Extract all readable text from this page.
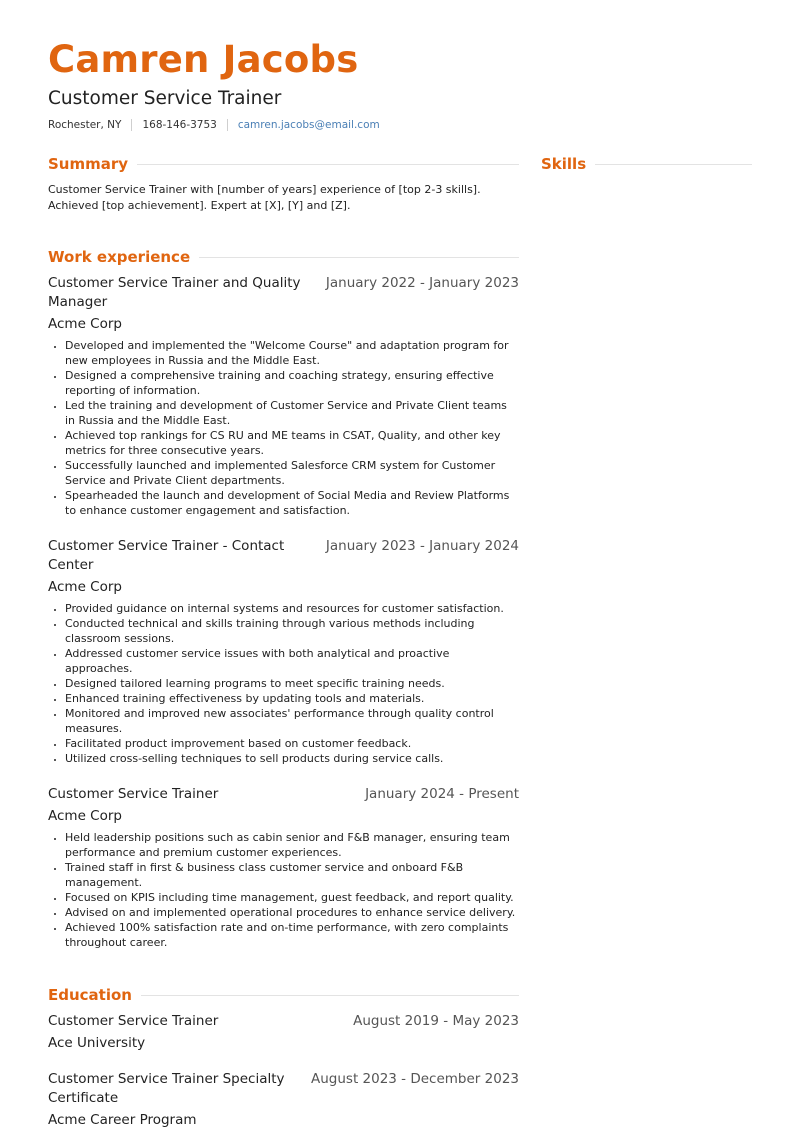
Camren Jacobs
Customer Service Trainer
Rochester, NY 168-146-3753 camren.jacobs@email.com
Summary
Customer Service Trainer with [number of years] experience of [top 2-3 skills]. Achieved [top achievement]. Expert at [X], [Y] and [Z].
Work experience
Customer Service Trainer and Quality Manager
January 2022 - January 2023
Acme Corp
• Developed and implemented the "Welcome Course" and adaptation program for new employees in Russia and the Middle East.
• Designed a comprehensive training and coaching strategy, ensuring effective reporting of information.
• Led the training and development of Customer Service and Private Client teams in Russia and the Middle East.
• Achieved top rankings for CS RU and ME teams in CSAT, Quality, and other key metrics for three consecutive years.
• Successfully launched and implemented Salesforce CRM system for Customer Service and Private Client departments.
• Spearheaded the launch and development of Social Media and Review Platforms to enhance customer engagement and satisfaction.
Customer Service Trainer - Contact Center
January 2023 - January 2024
Acme Corp
• Provided guidance on internal systems and resources for customer satisfaction.
• Conducted technical and skills training through various methods including classroom sessions.
• Addressed customer service issues with both analytical and proactive approaches.
• Designed tailored learning programs to meet specific training needs.
• Enhanced training effectiveness by updating tools and materials.
• Monitored and improved new associates' performance through quality control measures.
• Facilitated product improvement based on customer feedback.
• Utilized cross-selling techniques to sell products during service calls.
Customer Service Trainer	January 2024 - Present
Acme Corp
• Held leadership positions such as cabin senior and F&B manager, ensuring team performance and premium customer experiences.
• Trained staff in first & business class customer service and onboard F&B management.
• Focused on KPIS including time management, guest feedback, and report quality.
• Advised on and implemented operational procedures to enhance service delivery.
• Achieved 100% satisfaction rate and on-time performance, with zero complaints throughout career.
Education
Customer Service Trainer	August 2019 - May 2023
Ace University
Customer Service Trainer Specialty Certificate
August 2023 - December 2023
Acme Career Program
Skills
